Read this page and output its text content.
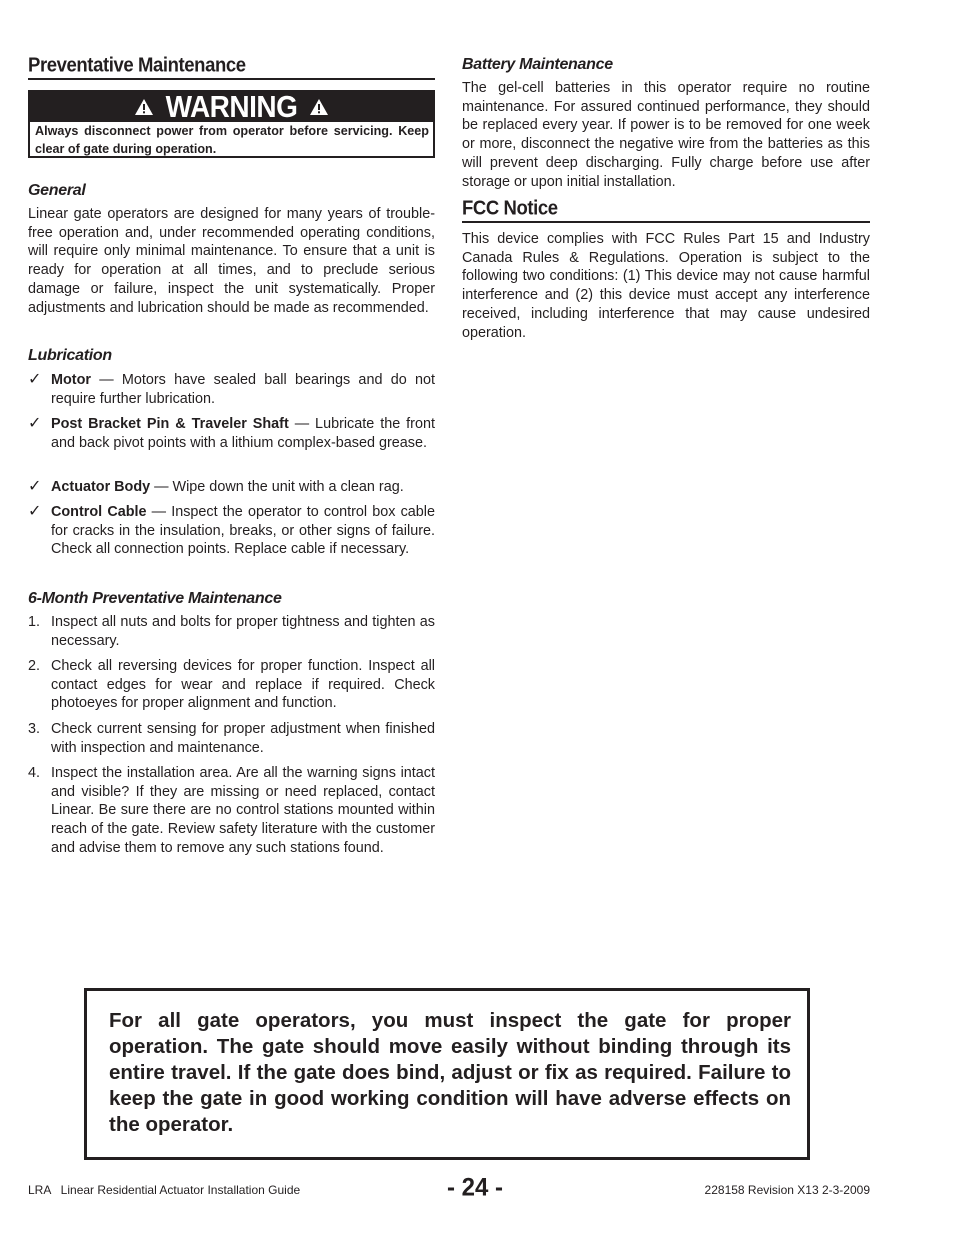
Preventative Maintenance
WARNING
Always disconnect power from operator before servicing. Keep clear of gate during operation.
General

Linear gate operators are designed for many years of trouble-free operation and, under recommended operating conditions, will require only minimal maintenance. To ensure that a unit is ready for operation at all times, and to preclude serious damage or failure, inspect the unit systematically. Proper adjustments and lubrication should be made as recommended.

Lubrication
✓ Motor — Motors have sealed ball bearings and do not require further lubrication.
✓ Post Bracket Pin & Traveler Shaft — Lubricate the front and back pivot points with a lithium complex-based grease.
✓ Actuator Body — Wipe down the unit with a clean rag.
✓ Control Cable — Inspect the operator to control box cable for cracks in the insulation, breaks, or other signs of failure. Check all connection points. Replace cable if necessary.
6-Month Preventative Maintenance
1. Inspect all nuts and bolts for proper tightness and tighten as necessary.
2. Check all reversing devices for proper function. Inspect all contact edges for wear and replace if required. Check photoeyes for proper alignment and function.
3. Check current sensing for proper adjustment when finished with inspection and maintenance.
4. Inspect the installation area. Are all the warning signs intact and visible? If they are missing or need replaced, contact Linear. Be sure there are no control stations mounted within reach of the gate. Review safety literature with the customer and advise them to remove any such stations found.
Battery Maintenance

The gel-cell batteries in this operator require no routine maintenance. For assured continued performance, they should be replaced every year. If power is to be removed for one week or more, disconnect the negative wire from the batteries as this will prevent deep discharging. Fully charge before use after storage or upon initial installation.

FCC Notice

This device complies with FCC Rules Part 15 and Industry Canada Rules & Regulations. Operation is subject to the following two conditions: (1) This device may not cause harmful interference and (2) this device must accept any interference received, including interference that may cause undesired operation.

For all gate operators, you must inspect the gate for proper operation. The gate should move easily without binding through its entire travel. If the gate does bind, adjust or fix as required. Failure to keep the gate in good working condition will have adverse effects on the operator.
LRA   Linear Residential Actuator Installation Guide	- 24 -	228158 Revision X13 2-3-2009
